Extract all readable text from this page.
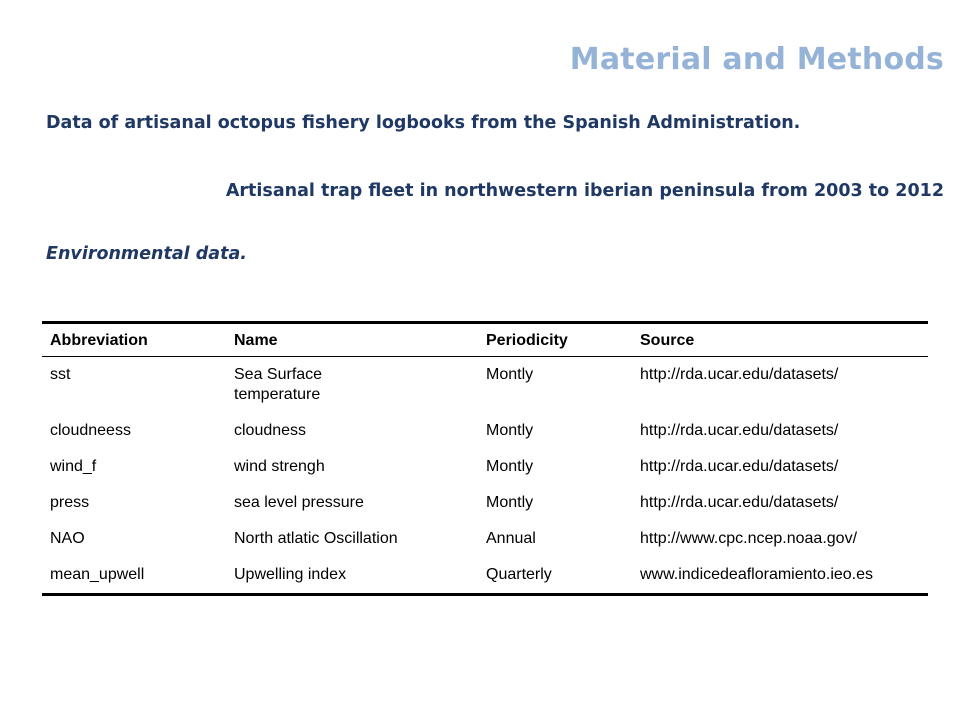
Material and Methods
Data of artisanal octopus fishery logbooks from the Spanish Administration.
Artisanal trap fleet in northwestern iberian peninsula from 2003 to 2012
Environmental data.
Abbreviation	Name	Periodicity	Source
sst	Sea Surface temperature	Montly	http://rda.ucar.edu/datasets/
cloudneess	cloudness	Montly	http://rda.ucar.edu/datasets/
wind_f	wind strengh	Montly	http://rda.ucar.edu/datasets/
press	sea level pressure	Montly	http://rda.ucar.edu/datasets/
NAO	North atlatic Oscillation	Annual	http://www.cpc.ncep.noaa.gov/
mean_upwell	Upwelling index	Quarterly	www.indicedeafloramiento.ieo.es
